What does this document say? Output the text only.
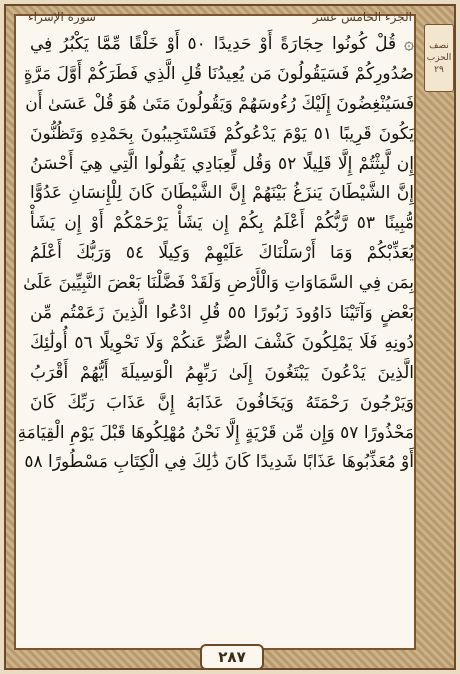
الجزء الخامس عشر
سورة الإسراء
نصف
الحزب
٢٩
۞ قُلْ كُونُوا حِجَارَةً أَوْ حَدِيدًا ٥٠ أَوْ خَلْقًا مِّمَّا يَكْبُرُ فِي
صُدُورِكُمْ فَسَيَقُولُونَ مَن يُعِيدُنَا قُلِ الَّذِي فَطَرَكُمْ أَوَّلَ مَرَّةٍ
فَسَيُنْغِضُونَ إِلَيْكَ رُءُوسَهُمْ وَيَقُولُونَ مَتَىٰ هُوَ قُلْ عَسَىٰ أَن
يَكُونَ قَرِيبًا ٥١ يَوْمَ يَدْعُوكُمْ فَتَسْتَجِيبُونَ بِحَمْدِهِ وَتَظُنُّونَ
إِن لَّبِثْتُمْ إِلَّا قَلِيلًا ٥٢ وَقُل لِّعِبَادِي يَقُولُوا الَّتِي هِيَ أَحْسَنُ
إِنَّ الشَّيْطَانَ يَنزَغُ بَيْنَهُمْ إِنَّ الشَّيْطَانَ كَانَ لِلْإِنسَانِ عَدُوًّا
مُّبِينًا ٥٣ رَّبُّكُمْ أَعْلَمُ بِكُمْ إِن يَشَأْ يَرْحَمْكُمْ أَوْ إِن يَشَأْ
يُعَذِّبْكُمْ وَمَا أَرْسَلْنَاكَ عَلَيْهِمْ وَكِيلًا ٥٤ وَرَبُّكَ أَعْلَمُ
بِمَن فِي السَّمَاوَاتِ وَالْأَرْضِ وَلَقَدْ فَضَّلْنَا بَعْضَ النَّبِيِّينَ عَلَىٰ
بَعْضٍ وَآتَيْنَا دَاوُودَ زَبُورًا ٥٥ قُلِ ادْعُوا الَّذِينَ زَعَمْتُم مِّن
دُونِهِ فَلَا يَمْلِكُونَ كَشْفَ الضُّرِّ عَنكُمْ وَلَا تَحْوِيلًا ٥٦ أُولَٰئِكَ
الَّذِينَ يَدْعُونَ يَبْتَغُونَ إِلَىٰ رَبِّهِمُ الْوَسِيلَةَ أَيُّهُمْ أَقْرَبُ
وَيَرْجُونَ رَحْمَتَهُ وَيَخَافُونَ عَذَابَهُ إِنَّ عَذَابَ رَبِّكَ كَانَ
مَحْذُورًا ٥٧ وَإِن مِّن قَرْيَةٍ إِلَّا نَحْنُ مُهْلِكُوهَا قَبْلَ يَوْمِ الْقِيَامَةِ
أَوْ مُعَذِّبُوهَا عَذَابًا شَدِيدًا كَانَ ذَٰلِكَ فِي الْكِتَابِ مَسْطُورًا ٥٨
٢٨٧
